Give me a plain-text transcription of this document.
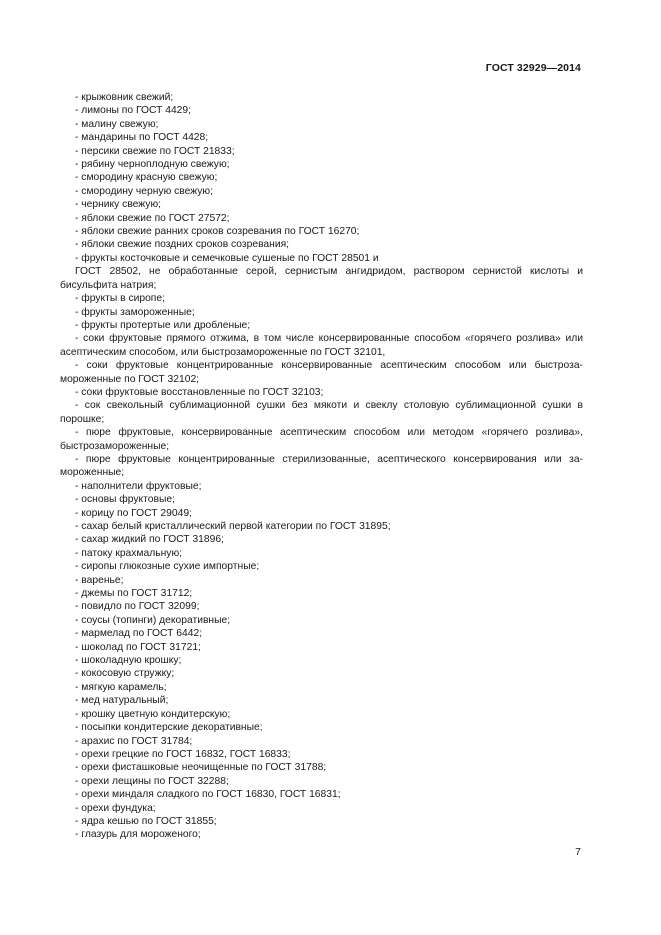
ГОСТ 32929—2014

- крыжовник свежий;

- лимоны по ГОСТ 4429;

- малину свежую;

- мандарины по ГОСТ 4428;

- персики свежие по ГОСТ 21833;

- рябину черноплодную свежую;

- смородину красную свежую;

- смородину черную свежую;

- чернику свежую;

- яблоки свежие по ГОСТ 27572;

- яблоки свежие ранних сроков созревания по ГОСТ 16270;

- яблоки свежие поздних сроков созревания;

- фрукты косточковые и семечковые сушеные по ГОСТ 28501 и

ГОСТ 28502, не обработанные серой, сернистым ангидридом, раствором сернистой кислоты и бисульфита натрия;

- фрукты в сиропе;

- фрукты замороженные;

- фрукты протертые или дробленые;

- соки фруктовые прямого отжима, в том числе консервированные способом «горячего розлива» или асептическим способом, или быстрозамороженные по ГОСТ 32101,

- соки фруктовые концентрированные консервированные асептическим способом или быстроза-мороженные по ГОСТ 32102;

- соки фруктовые восстановленные по ГОСТ 32103;

- сок свекольный сублимационной сушки без мякоти и свеклу столовую сублимационной сушки в порошке;

- пюре фруктовые, консервированные асептическим способом или методом «горячего розлива», быстрозамороженные;

- пюре фруктовые концентрированные стерилизованные, асептического консервирования или за-мороженные;

- наполнители фруктовые;

- основы фруктовые;

- корицу по ГОСТ 29049;

- сахар белый кристаллический первой категории по ГОСТ 31895;

- сахар жидкий по ГОСТ 31896;

- патоку крахмальную;

- сиропы глюкозные сухие импортные;

- варенье;

- джемы по ГОСТ 31712;

- повидло по ГОСТ 32099;

- соусы (топинги) декоративные;

- мармелад по ГОСТ 6442;

- шоколад по ГОСТ 31721;

- шоколадную крошку;

- кокосовую стружку;

- мягкую карамель;

- мед натуральный;

- крошку цветную кондитерскую;

- посыпки кондитерские декоративные;

- арахис по ГОСТ 31784;

- орехи грецкие по ГОСТ 16832, ГОСТ 16833;

- орехи фисташковые неочищенные по ГОСТ 31788;

- орехи лещины по ГОСТ 32288;

- орехи миндаля сладкого по ГОСТ 16830, ГОСТ 16831;

- орехи фундука;

- ядра кешью по ГОСТ 31855;

- глазурь для мороженого;

7
